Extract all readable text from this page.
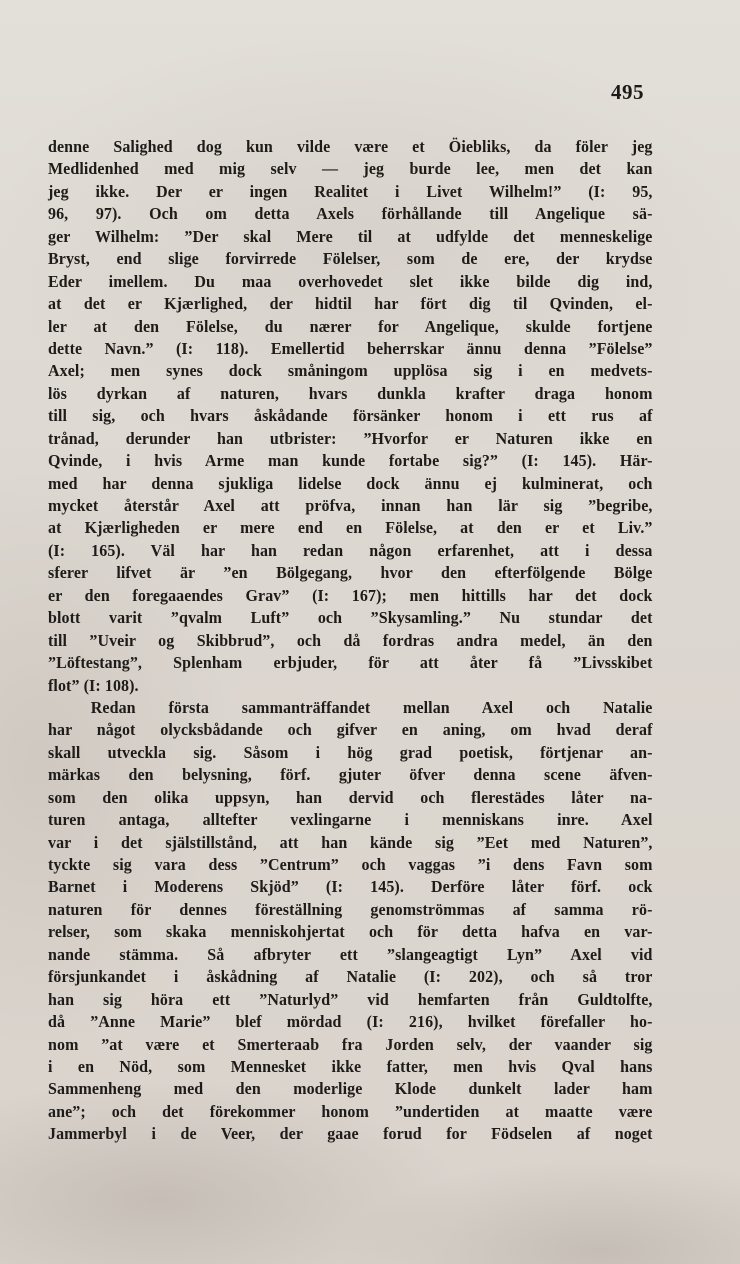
495
denne Salighed dog kun vilde være et Öiebliks, da föler jeg
Medlidenhed med mig selv — jeg burde lee, men det kan
jeg ikke. Der er ingen Realitet i Livet Wilhelm!” (I: 95,
96, 97). Och om detta Axels förhållande till Angelique sä-
ger Wilhelm: ”Der skal Mere til at udfylde det menneskelige
Bryst, end slige forvirrede Fölelser, som de ere, der krydse
Eder imellem. Du maa overhovedet slet ikke bilde dig ind,
at det er Kjærlighed, der hidtil har fört dig til Qvinden, el-
ler at den Fölelse, du nærer for Angelique, skulde fortjene
dette Navn.” (I: 118). Emellertid beherrskar ännu denna ”Fölelse”
Axel; men synes dock småningom upplösa sig i en medvets-
lös dyrkan af naturen, hvars dunkla krafter draga honom
till sig, och hvars åskådande försänker honom i ett rus af
trånad, derunder han utbrister: ”Hvorfor er Naturen ikke en
Qvinde, i hvis Arme man kunde fortabe sig?” (I: 145). Här-
med har denna sjukliga lidelse dock ännu ej kulminerat, och
mycket återstår Axel att pröfva, innan han lär sig ”begribe,
at Kjærligheden er mere end en Fölelse, at den er et Liv.”
(I: 165). Väl har han redan någon erfarenhet, att i dessa
sferer lifvet är ”en Bölgegang, hvor den efterfölgende Bölge
er den foregaaendes Grav” (I: 167); men hittills har det dock
blott varit ”qvalm Luft” och ”Skysamling.” Nu stundar det
till ”Uveir og Skibbrud”, och då fordras andra medel, än den
”Löftestang”, Splenham erbjuder, för att åter få ”Livsskibet
flot” (I: 108).
Redan första sammanträffandet mellan Axel och Natalie
har något olycksbådande och gifver en aning, om hvad deraf
skall utveckla sig. Såsom i hög grad poetisk, förtjenar an-
märkas den belysning, förf. gjuter öfver denna scene äfven-
som den olika uppsyn, han dervid och flerestädes låter na-
turen antaga, alltefter vexlingarne i menniskans inre. Axel
var i det själstillstånd, att han kände sig ”Eet med Naturen”,
tyckte sig vara dess ”Centrum” och vaggas ”i dens Favn som
Barnet i Moderens Skjöd” (I: 145). Derföre låter förf. ock
naturen för dennes föreställning genomströmmas af samma rö-
relser, som skaka menniskohjertat och för detta hafva en var-
nande stämma. Så afbryter ett ”slangeagtigt Lyn” Axel vid
försjunkandet i åskådning af Natalie (I: 202), och så tror
han sig höra ett ”Naturlyd” vid hemfarten från Guldtolfte,
då ”Anne Marie” blef mördad (I: 216), hvilket förefaller ho-
nom ”at være et Smerteraab fra Jorden selv, der vaander sig
i en Nöd, som Mennesket ikke fatter, men hvis Qval hans
Sammenheng med den moderlige Klode dunkelt lader ham
ane”; och det förekommer honom ”undertiden at maatte være
Jammerbyl i de Veer, der gaae forud for Födselen af noget
